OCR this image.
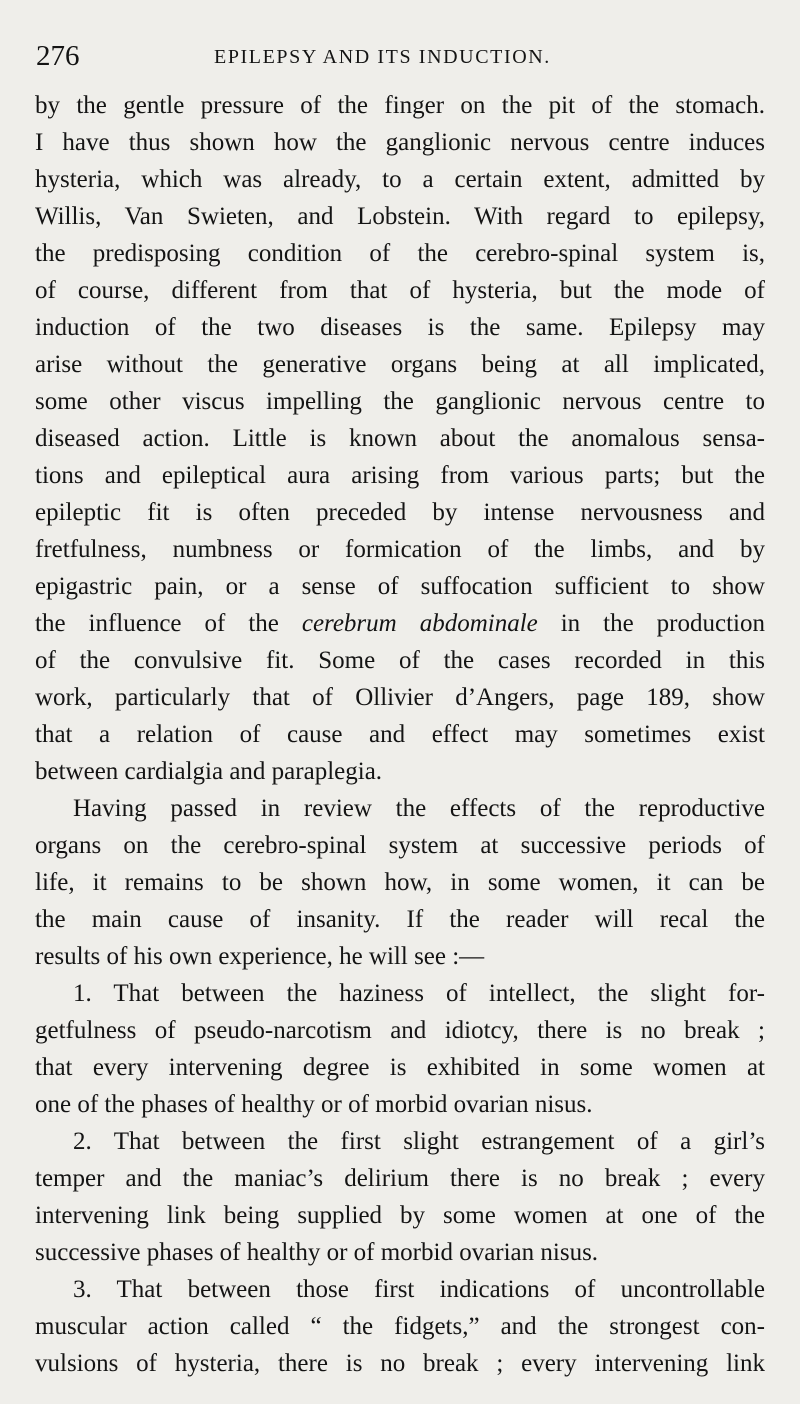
276	EPILEPSY AND ITS INDUCTION.
by the gentle pressure of the finger on the pit of the stomach.
I have thus shown how the ganglionic nervous centre induces
hysteria, which was already, to a certain extent, admitted by
Willis, Van Swieten, and Lobstein. With regard to epilepsy,
the predisposing condition of the cerebro-spinal system is,
of course, different from that of hysteria, but the mode of
induction of the two diseases is the same. Epilepsy may
arise without the generative organs being at all implicated,
some other viscus impelling the ganglionic nervous centre to
diseased action. Little is known about the anomalous sensa-
tions and epileptical aura arising from various parts; but the
epileptic fit is often preceded by intense nervousness and
fretfulness, numbness or formication of the limbs, and by
epigastric pain, or a sense of suffocation sufficient to show
the influence of the cerebrum abdominale in the production
of the convulsive fit. Some of the cases recorded in this
work, particularly that of Ollivier d’Angers, page 189, show
that a relation of cause and effect may sometimes exist
between cardialgia and paraplegia.
Having passed in review the effects of the reproductive
organs on the cerebro-spinal system at successive periods of
life, it remains to be shown how, in some women, it can be
the main cause of insanity. If the reader will recal the
results of his own experience, he will see :—
1. That between the haziness of intellect, the slight for-
getfulness of pseudo-narcotism and idiotcy, there is no break ;
that every intervening degree is exhibited in some women at
one of the phases of healthy or of morbid ovarian nisus.
2. That between the first slight estrangement of a girl’s
temper and the maniac’s delirium there is no break ; every
intervening link being supplied by some women at one of the
successive phases of healthy or of morbid ovarian nisus.
3. That between those first indications of uncontrollable
muscular action called “ the fidgets,” and the strongest con-
vulsions of hysteria, there is no break ; every intervening link
